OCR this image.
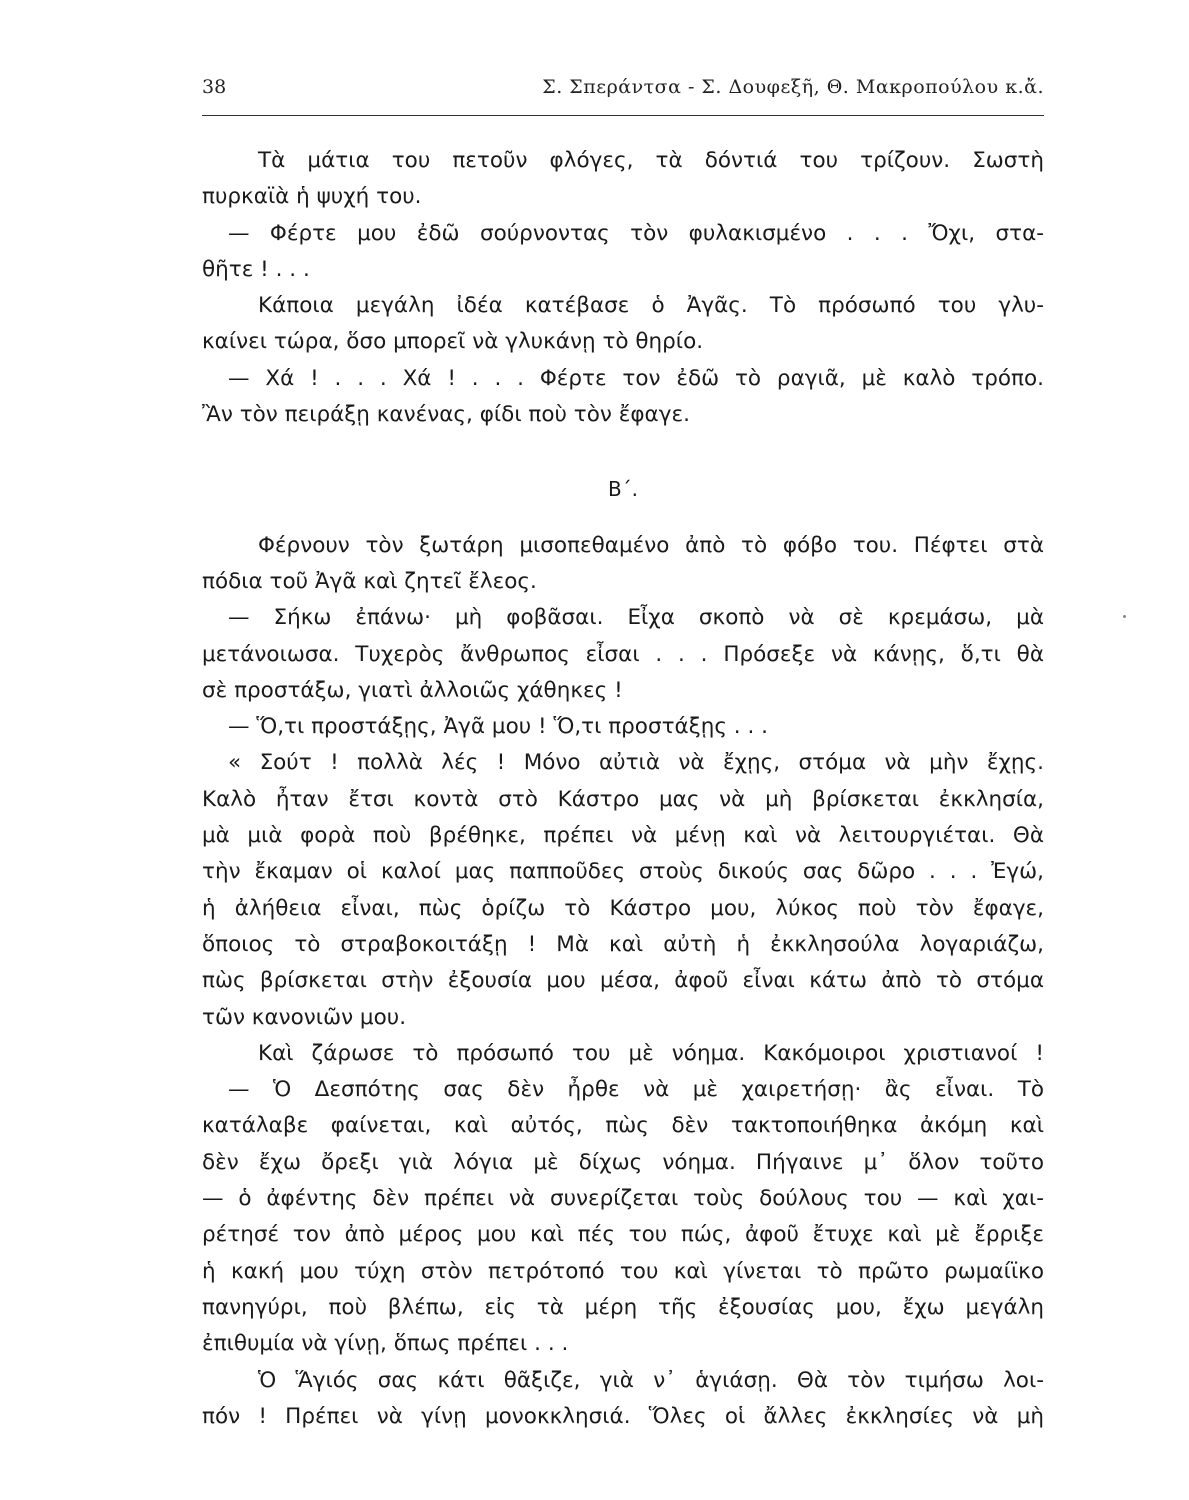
38	Σ. Σπεράντσα - Σ. Δουφεξῆ, Θ. Μακροπούλου κ.ἄ.
Τὰ μάτια του πετοῦν φλόγες, τὰ δόντιά του τρίζουν. Σωστὴ
πυρκαϊὰ ἡ ψυχή του.
— Φέρτε μου ἐδῶ σούρνοντας τὸν φυλακισμένο . . . Ὄχι, στα-
θῆτε ! . . .
Κάποια μεγάλη ἰδέα κατέβασε ὁ Ἀγᾶς. Τὸ πρόσωπό του γλυ-
καίνει τώρα, ὅσο μπορεῖ νὰ γλυκάνῃ τὸ θηρίο.
— Χά ! . . . Χά ! . . . Φέρτε τον ἐδῶ τὸ ραγιᾶ, μὲ καλὸ τρόπο.
Ἂν τὸν πειράξῃ κανένας, φίδι ποὺ τὸν ἔφαγε.
Β΄.
Φέρνουν τὸν ξωτάρη μισοπεθαμένο ἀπὸ τὸ φόβο του. Πέφτει στὰ
πόδια τοῦ Ἀγᾶ καὶ ζητεῖ ἔλεος.
— Σήκω ἐπάνω· μὴ φοβᾶσαι. Εἶχα σκοπὸ νὰ σὲ κρεμάσω, μὰ
μετάνοιωσα. Τυχερὸς ἄνθρωπος εἶσαι . . . Πρόσεξε νὰ κάνῃς, ὅ,τι θὰ
σὲ προστάξω, γιατὶ ἀλλοιῶς χάθηκες !
— Ὅ,τι προστάξῃς, Ἀγᾶ μου ! Ὅ,τι προστάξῃς . . .
« Σούτ ! πολλὰ λές ! Μόνο αὐτιὰ νὰ ἔχῃς, στόμα νὰ μὴν ἔχῃς.
Καλὸ ἦταν ἔτσι κοντὰ στὸ Κάστρο μας νὰ μὴ βρίσκεται ἐκκλησία,
μὰ μιὰ φορὰ ποὺ βρέθηκε, πρέπει νὰ μένῃ καὶ νὰ λειτουργιέται. Θὰ
τὴν ἔκαμαν οἱ καλοί μας παπποῦδες στοὺς δικούς σας δῶρο . . . Ἐγώ,
ἡ ἀλήθεια εἶναι, πὼς ὁρίζω τὸ Κάστρο μου, λύκος ποὺ τὸν ἔφαγε,
ὅποιος τὸ στραβοκοιτάξῃ ! Μὰ καὶ αὐτὴ ἡ ἐκκλησούλα λογαριάζω,
πὼς βρίσκεται στὴν ἐξουσία μου μέσα, ἀφοῦ εἶναι κάτω ἀπὸ τὸ στόμα
τῶν κανονιῶν μου.
Καὶ ζάρωσε τὸ πρόσωπό του μὲ νόημα. Κακόμοιροι χριστιανοί !
— Ὁ Δεσπότης σας δὲν ἦρθε νὰ μὲ χαιρετήσῃ· ἂς εἶναι. Τὸ
κατάλαβε φαίνεται, καὶ αὐτός, πὼς δὲν τακτοποιήθηκα ἀκόμη καὶ
δὲν ἔχω ὄρεξι γιὰ λόγια μὲ δίχως νόημα. Πήγαινε μ᾽ ὅλον τοῦτο
— ὁ ἀφέντης δὲν πρέπει νὰ συνερίζεται τοὺς δούλους του — καὶ χαι-
ρέτησέ τον ἀπὸ μέρος μου καὶ πές του πώς, ἀφοῦ ἔτυχε καὶ μὲ ἔρριξε
ἡ κακή μου τύχη στὸν πετρότοπό του καὶ γίνεται τὸ πρῶτο ρωμαίϊκο
πανηγύρι, ποὺ βλέπω, εἰς τὰ μέρη τῆς ἐξουσίας μου, ἔχω μεγάλη
ἐπιθυμία νὰ γίνῃ, ὅπως πρέπει . . .
Ὁ Ἅγιός σας κάτι θᾶξιζε, γιὰ ν᾽ ἁγιάσῃ. Θὰ τὸν τιμήσω λοι-
πόν ! Πρέπει νὰ γίνῃ μονοκκλησιά. Ὅλες οἱ ἄλλες ἐκκλησίες νὰ μὴ
